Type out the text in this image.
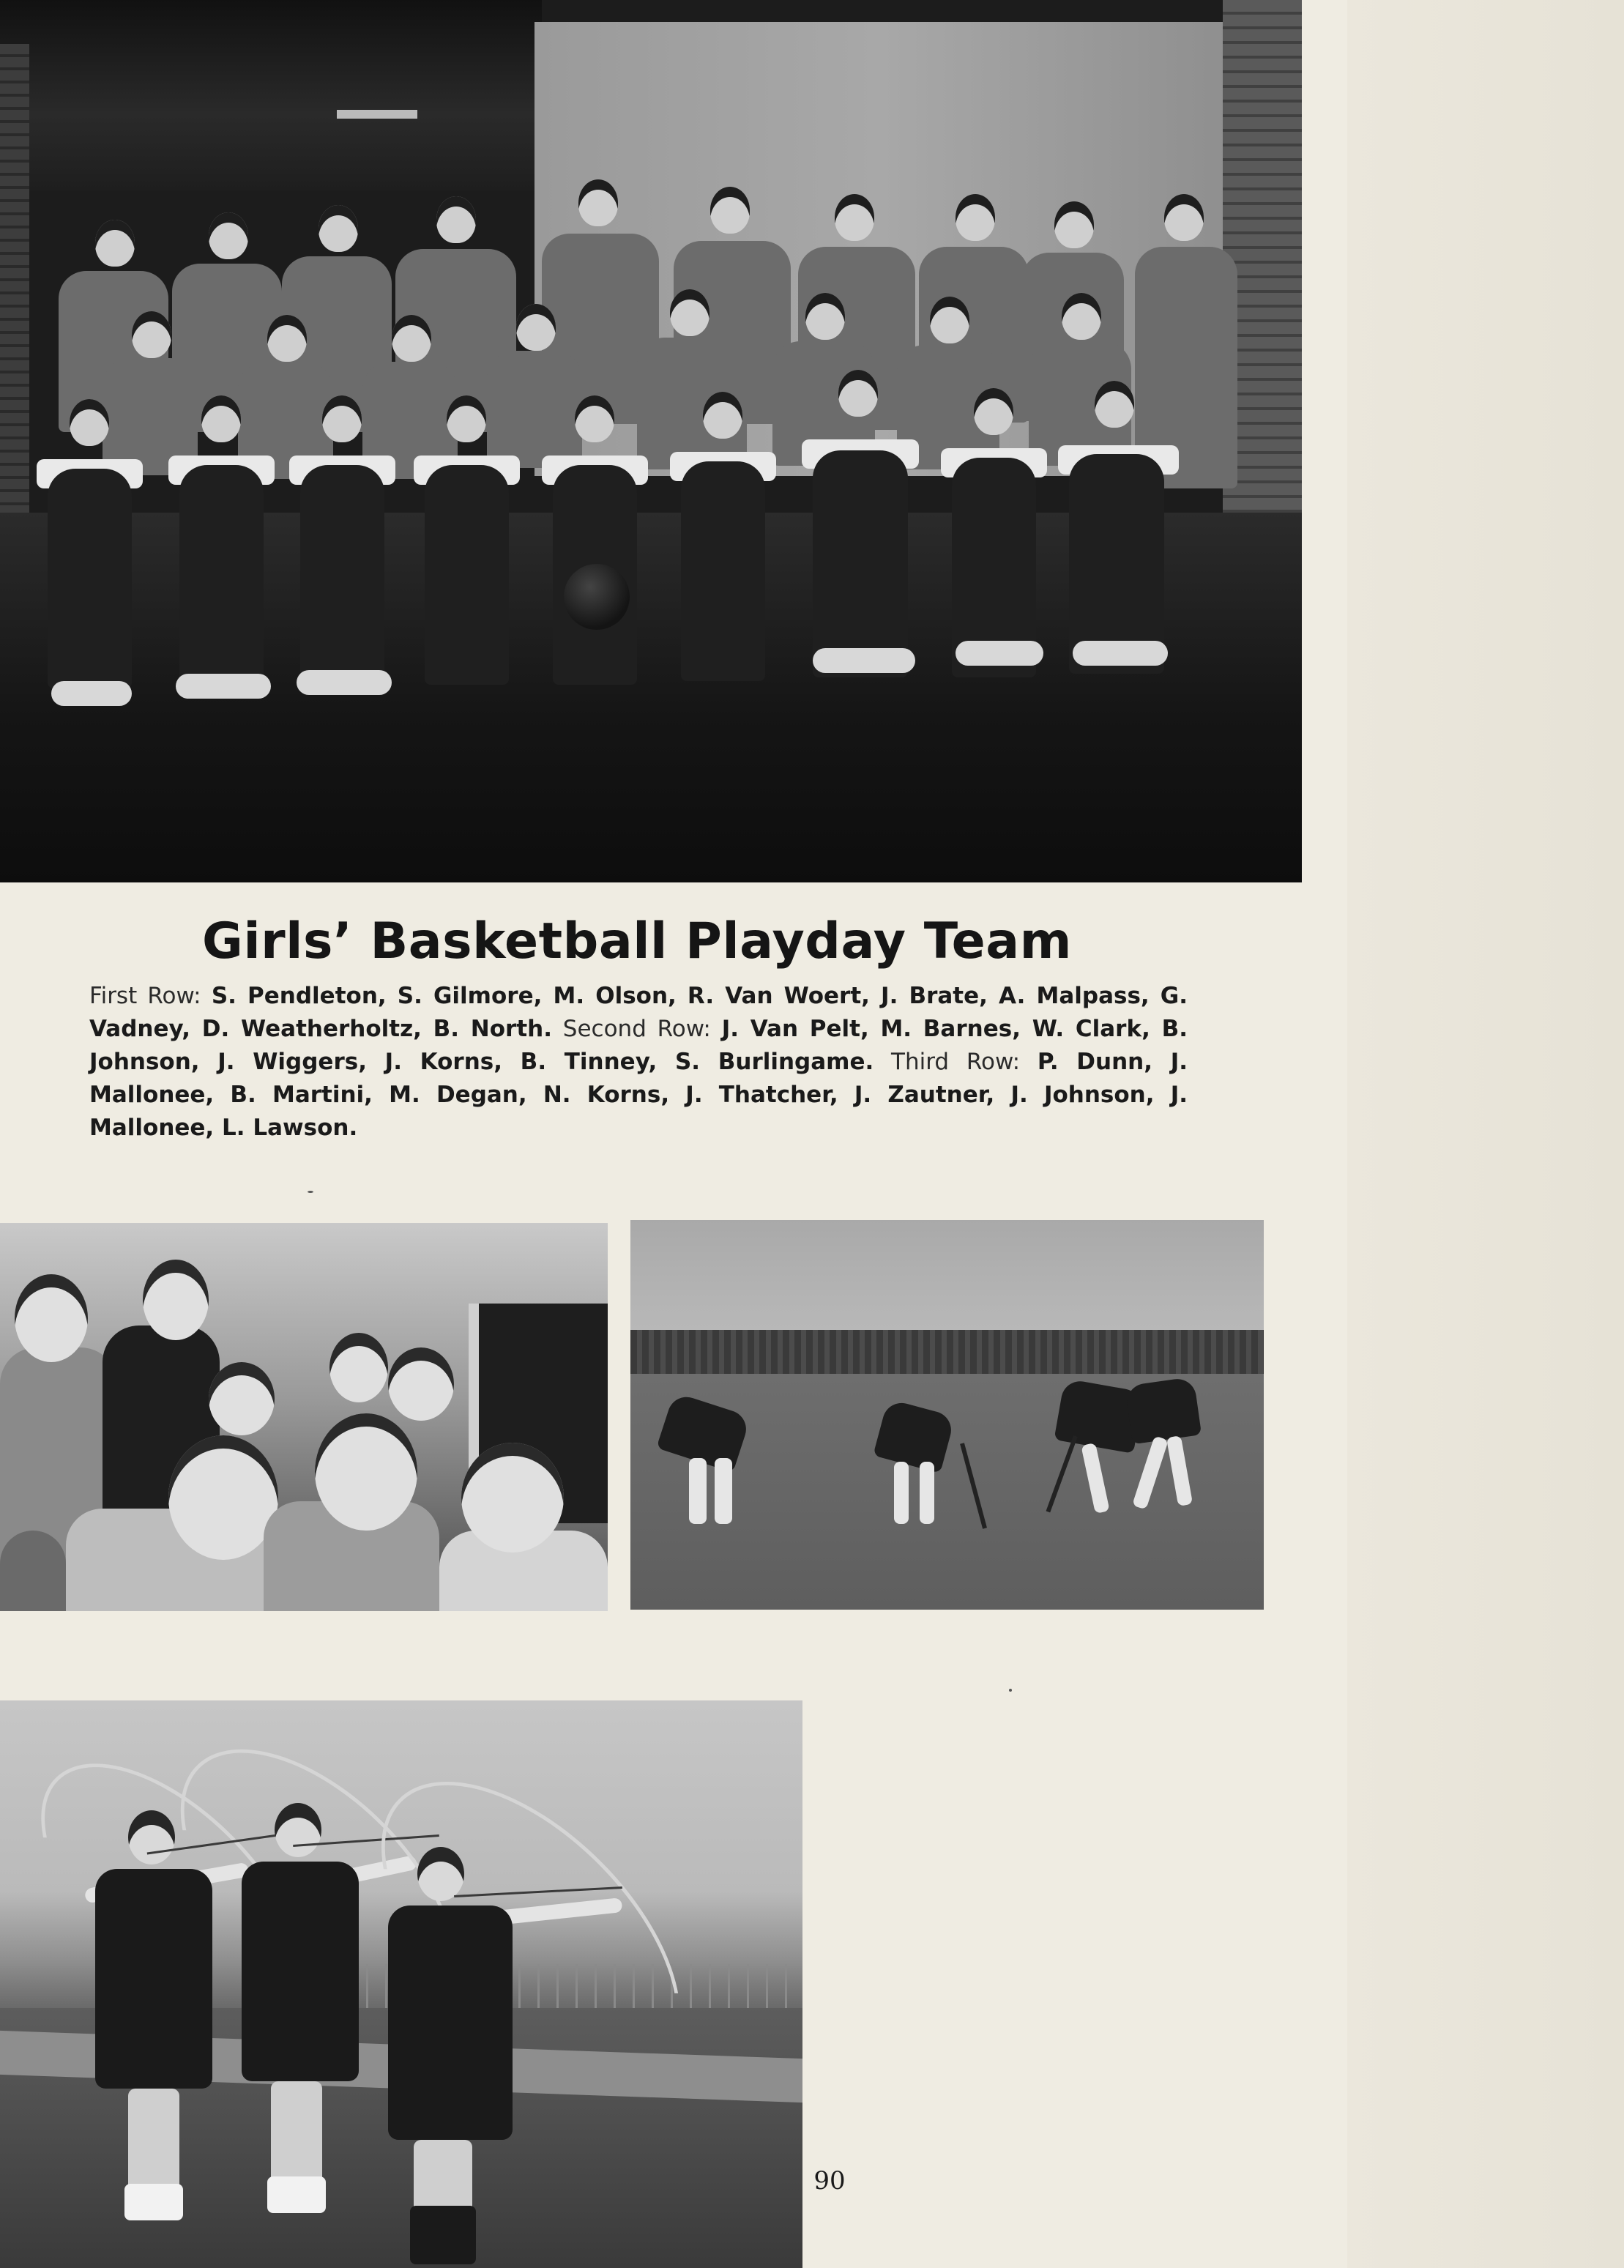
Girls’ Basketball Playday Team
First Row: S. Pendleton, S. Gilmore, M. Olson, R. Van Woert, J. Brate, A. Malpass, G. Vadney, D. Weatherholtz, B. North. Second Row: J. Van Pelt, M. Barnes, W. Clark, B. Johnson, J. Wiggers, J. Korns, B. Tinney, S. Burlingame. Third Row: P. Dunn, J. Mallonee, B. Martini, M. Degan, N. Korns, J. Thatcher, J. Zautner, J. Johnson, J. Mallonee, L. Lawson.
90
